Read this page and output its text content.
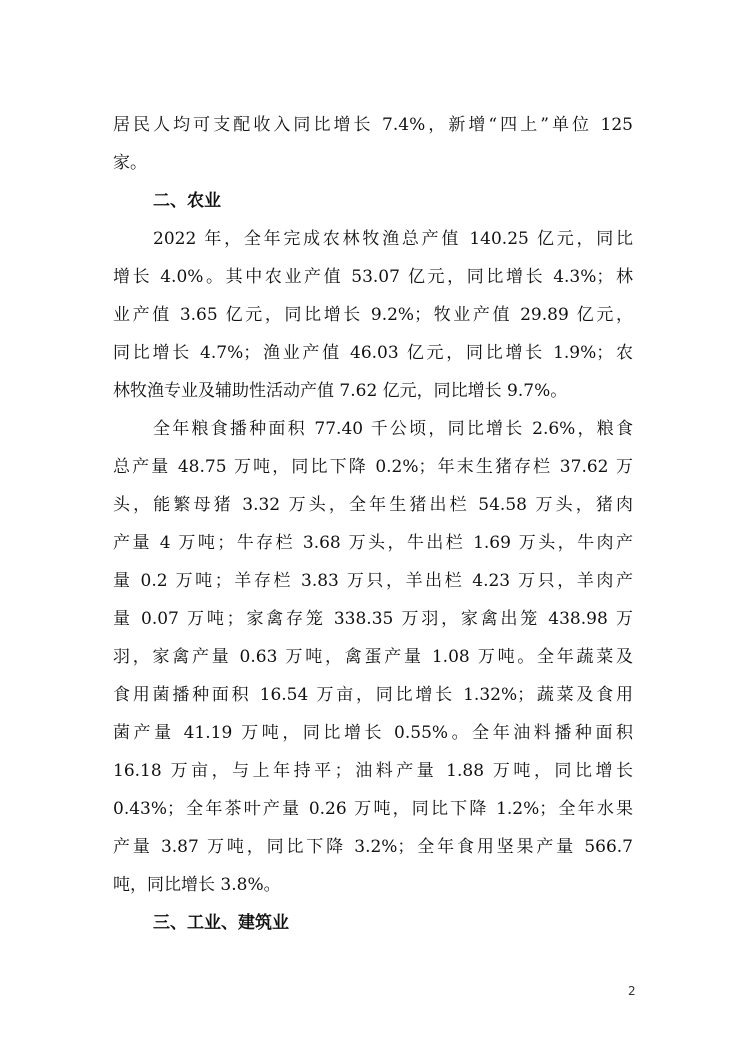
居民人均可支配收入同比增长 7.4%，新增“四上”单位 125
家。
二、农业
2022 年，全年完成农林牧渔总产值 140.25 亿元，同比
增长 4.0%。其中农业产值 53.07 亿元，同比增长 4.3%；林
业产值 3.65 亿元，同比增长 9.2%；牧业产值 29.89 亿元，
同比增长 4.7%；渔业产值 46.03 亿元，同比增长 1.9%；农
林牧渔专业及辅助性活动产值 7.62 亿元，同比增长 9.7%。
全年粮食播种面积 77.40 千公顷，同比增长 2.6%，粮食
总产量 48.75 万吨，同比下降 0.2%；年末生猪存栏 37.62 万
头，能繁母猪 3.32 万头，全年生猪出栏 54.58 万头，猪肉
产量 4 万吨；牛存栏 3.68 万头，牛出栏 1.69 万头，牛肉产
量 0.2 万吨；羊存栏 3.83 万只，羊出栏 4.23 万只，羊肉产
量 0.07 万吨；家禽存笼 338.35 万羽，家禽出笼 438.98 万
羽，家禽产量 0.63 万吨，禽蛋产量 1.08 万吨。全年蔬菜及
食用菌播种面积 16.54 万亩，同比增长 1.32%；蔬菜及食用
菌产量 41.19 万吨，同比增长 0.55%。全年油料播种面积
16.18 万亩，与上年持平；油料产量 1.88 万吨，同比增长
0.43%；全年茶叶产量 0.26 万吨，同比下降 1.2%；全年水果
产量 3.87 万吨，同比下降 3.2%；全年食用坚果产量 566.7
吨，同比增长 3.8%。
三、工业、建筑业
2
